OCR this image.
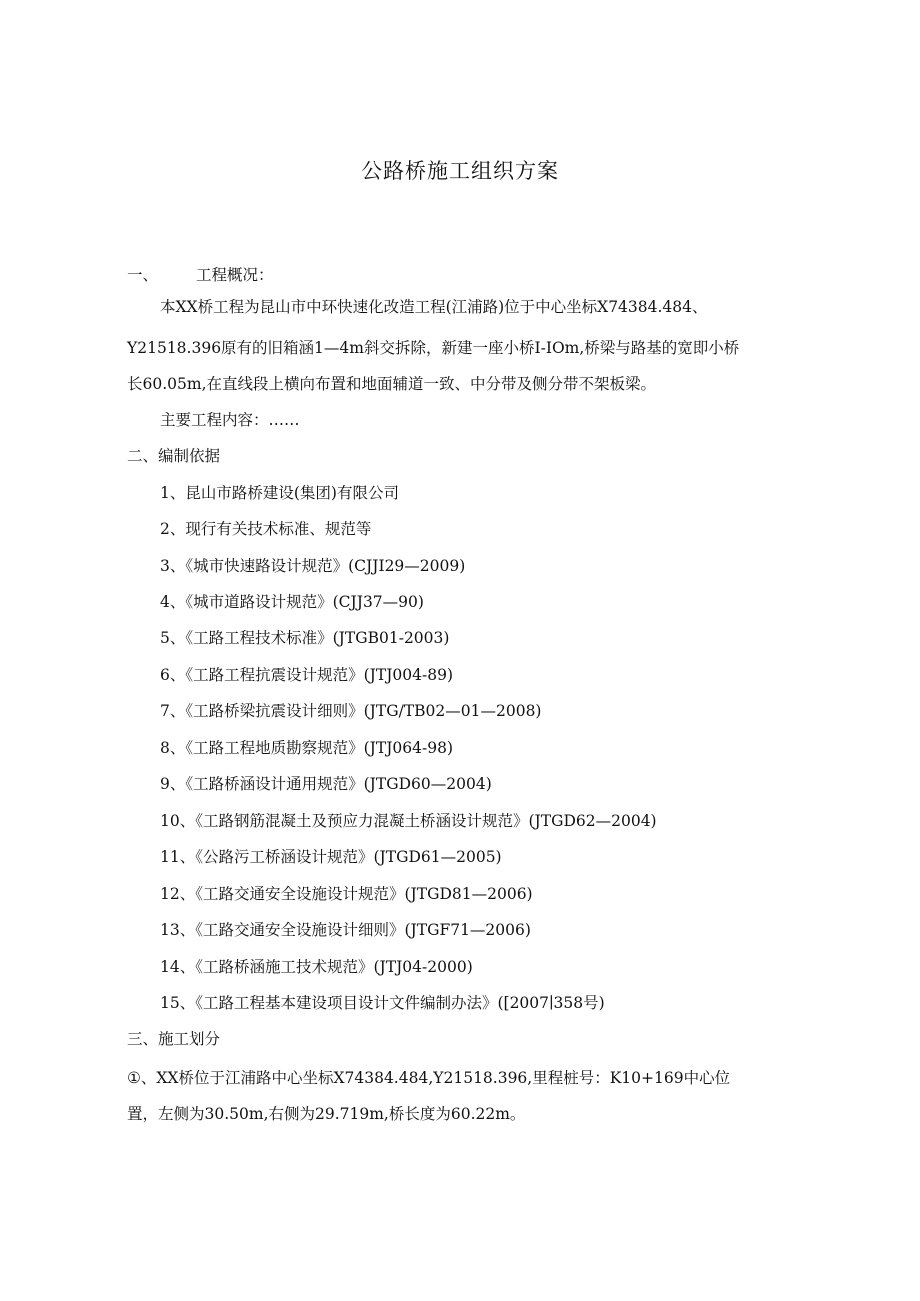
公路桥施工组织方案
一、 工程概况：
本XX桥工程为昆山市中环快速化改造工程(江浦路)位于中心坐标X74384.484、
Y21518.396原有的旧箱涵1—4m斜交拆除，新建一座小桥I-IOm,桥梁与路基的宽即小桥
长60.05m,在直线段上横向布置和地面辅道一致、中分带及侧分带不架板梁。
主要工程内容：……
二、编制依据
1、昆山市路桥建设(集团)有限公司
2、现行有关技术标准、规范等
3、《城市快速路设计规范》(CJJI29—2009)
4、《城市道路设计规范》(CJJ37—90)
5、《工路工程技术标准》(JTGB01-2003)
6、《工路工程抗震设计规范》(JTJ004-89)
7、《工路桥梁抗震设计细则》(JTG/TB02—01—2008)
8、《工路工程地质勘察规范》(JTJ064-98)
9、《工路桥涵设计通用规范》(JTGD60—2004)
10、《工路钢筋混凝土及预应力混凝土桥涵设计规范》(JTGD62—2004)
11、《公路污工桥涵设计规范》(JTGD61—2005)
12、《工路交通安全设施设计规范》(JTGD81—2006)
13、《工路交通安全设施设计细则》(JTGF71—2006)
14、《工路桥涵施工技术规范》(JTJ04-2000)
15、《工路工程基本建设项目设计文件编制办法》([2007∣358号)
三、施工划分
①、XX桥位于江浦路中心坐标X74384.484,Y21518.396,里程桩号：K10+169中心位
置，左侧为30.50m,右侧为29.719m,桥长度为60.22m。
